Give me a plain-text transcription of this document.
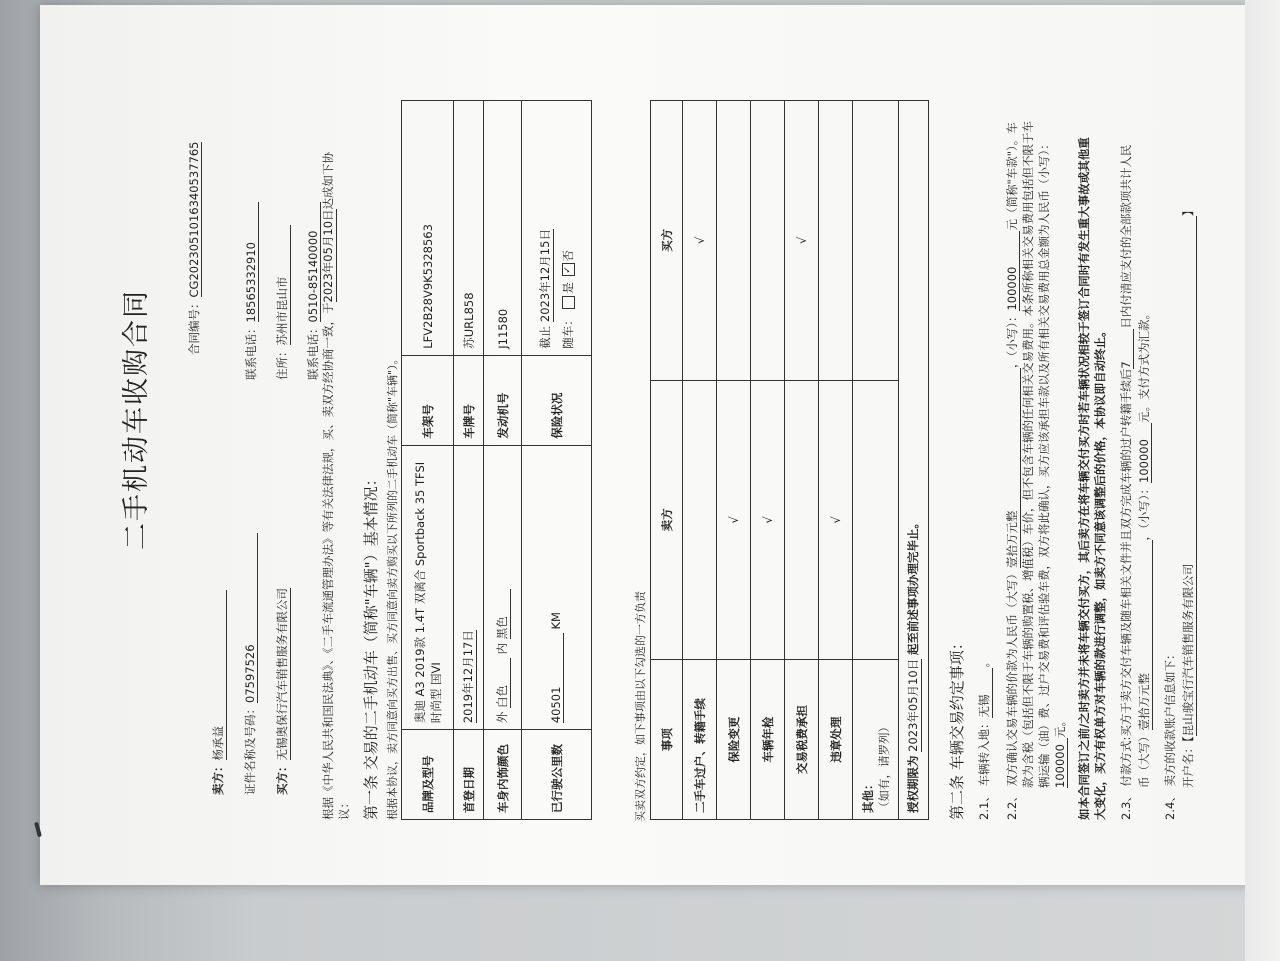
二手机动车收购合同	合同编号：CG20230510163405377​65
卖方：杨承益 证件名称及号码：07597526
买方：无锡奥保行汽车销售服务有限公司
住所：苏州市昆山市
联系电话：18565332910
联系电话：0510-85140000
根据《中华人民共和国民法典》、《二手车流通管理办法》等有关法律法规，买、卖双方经协商一致，于2023年05月10日达成如下协
议： 第一条 交易的二手机动车（简称"车辆"）基本情况： 根据本协议，卖方同意向买方出售、买方同意向卖方购买以下所列的二手机动车（简称"车辆"）。 品牌及型号	奥迪 A3 2019款 1.4T 双离合 Sportback 35 TFSI 时尚型 国VI	车架号	LFV2B28V9K5328563
首登日期	2019年12月17日	车牌号	苏URL858
车身内饰颜色	外 白色 内 黑色	发动机号	J11580
已行驶公里数	40501 KM	保险状况	截止 2023年12月15日
随车： 是 ✓否
买卖双方约定，如下事项由以下勾选的一方负责 事项	卖方	买方
二手车过户、转籍手续		√
保险变更	√	
车辆年检	√	
交易税费承担		√
违章处理	√	

其他： （如有，请罗列）		

授权期限为 2023年05月10日 起至前述事项办理完毕止。		
第二条 车辆交易约定事项： 2.1、 车辆转入地：无锡。
2.2、 双方确认交易车辆的价款为人民币（大写）壹拾万元整，（小写）：100000元（简称"车款"）。车 款为含税（包括但不限于车辆的购置税、增值税）车价，但不包含车辆的任何相关交易费用。本条所称相关交易费用包括但不限于车 辆运输（油）费、过户交易费和评估验车费，双方将此确认，买方应该承担车款以及所有相关交易费用总金额为人民币（小写）： 100000元。 如本合同签订之前/之时卖方并未将车辆交付买方，其后卖方在将车辆交付买方时若车辆状况相较于签订合同时有发生重大事故或其他重 大变化，买方有权单方对车辆的款进行调整，如卖方不同意该调整后的价格，本协议即自动终止。 2.3、 付款方式:买方于卖方交付车辆及随车相关文件并且双方完成车辆的过户转籍手续后7日内付清应支付的全部款项共计人民
币（大写）壹拾万元整，（小写）：100000元。支付方式为汇款。
2.4、 卖方的收款账户信息如下： 开户名：【昆山骏宝行汽车销售服务有限公司】
